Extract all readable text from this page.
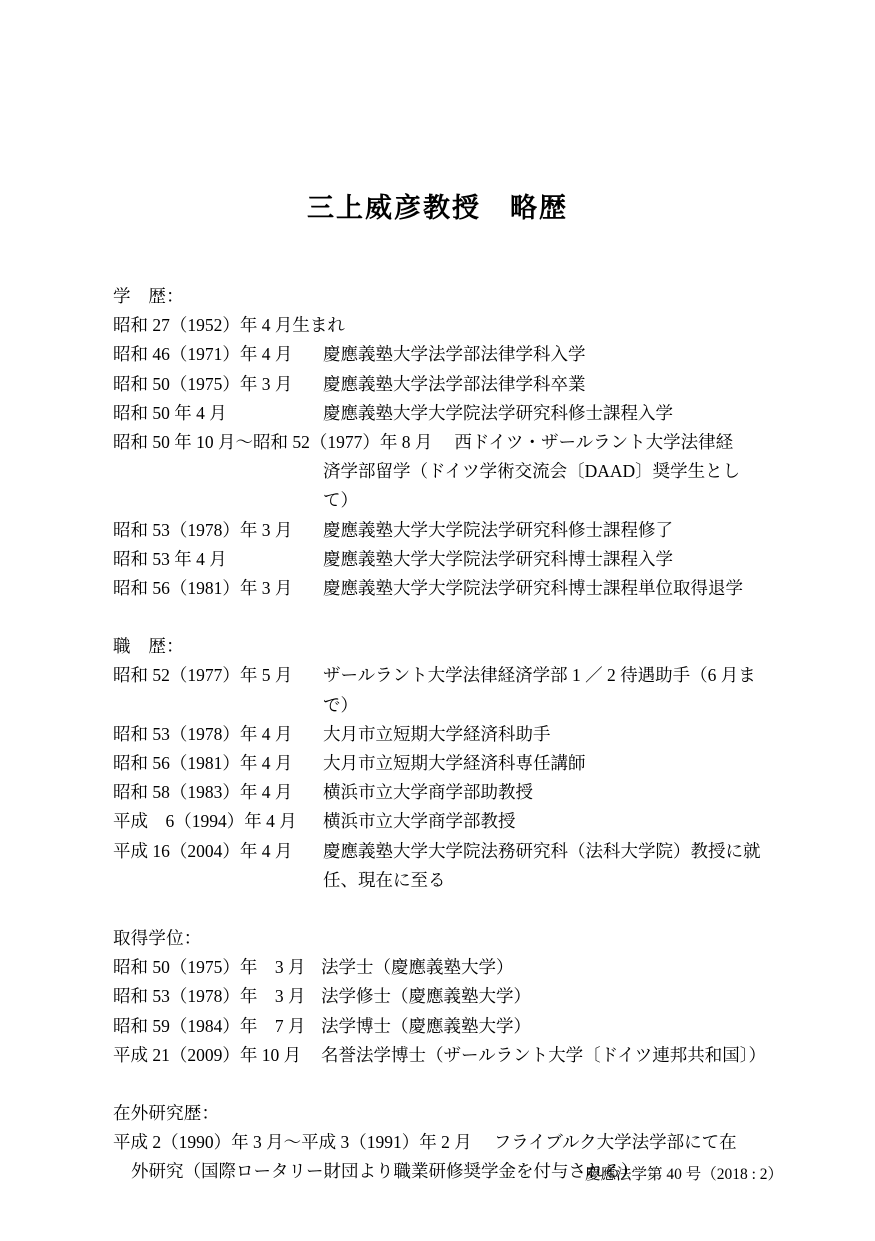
三上威彦教授　略歴
学　歴：
昭和 27（1952）年 4 月生まれ
昭和 46（1971）年 4 月	慶應義塾大学法学部法律学科入学
昭和 50（1975）年 3 月	慶應義塾大学法学部法律学科卒業
昭和 50 年 4 月	慶應義塾大学大学院法学研究科修士課程入学
昭和 50 年 10 月〜昭和 52（1977）年 8 月 西ドイツ・ザールラント大学法律経
済学部留学（ドイツ学術交流会〔DAAD〕奨学生とし
て）
昭和 53（1978）年 3 月	慶應義塾大学大学院法学研究科修士課程修了
昭和 53 年 4 月	慶應義塾大学大学院法学研究科博士課程入学
昭和 56（1981）年 3 月	慶應義塾大学大学院法学研究科博士課程単位取得退学
職　歴：
昭和 52（1977）年 5 月	ザールラント大学法律経済学部 1 ／ 2 待遇助手（6 月ま
で）
昭和 53（1978）年 4 月	大月市立短期大学経済科助手
昭和 56（1981）年 4 月	大月市立短期大学経済科専任講師
昭和 58（1983）年 4 月	横浜市立大学商学部助教授
平成　6（1994）年 4 月	横浜市立大学商学部教授
平成 16（2004）年 4 月	慶應義塾大学大学院法務研究科（法科大学院）教授に就
任、現在に至る
取得学位：
昭和 50（1975）年　3 月 法学士（慶應義塾大学）
昭和 53（1978）年　3 月 法学修士（慶應義塾大学）
昭和 59（1984）年　7 月 法学博士（慶應義塾大学）
平成 21（2009）年 10 月	名誉法学博士（ザールラント大学〔ドイツ連邦共和国〕）
在外研究歴：
平成 2（1990）年 3 月〜平成 3（1991）年 2 月 フライブルク大学法学部にて在
外研究（国際ロータリー財団より職業研修奨学金を付与される）
慶應法学第 40 号（2018 : 2）
